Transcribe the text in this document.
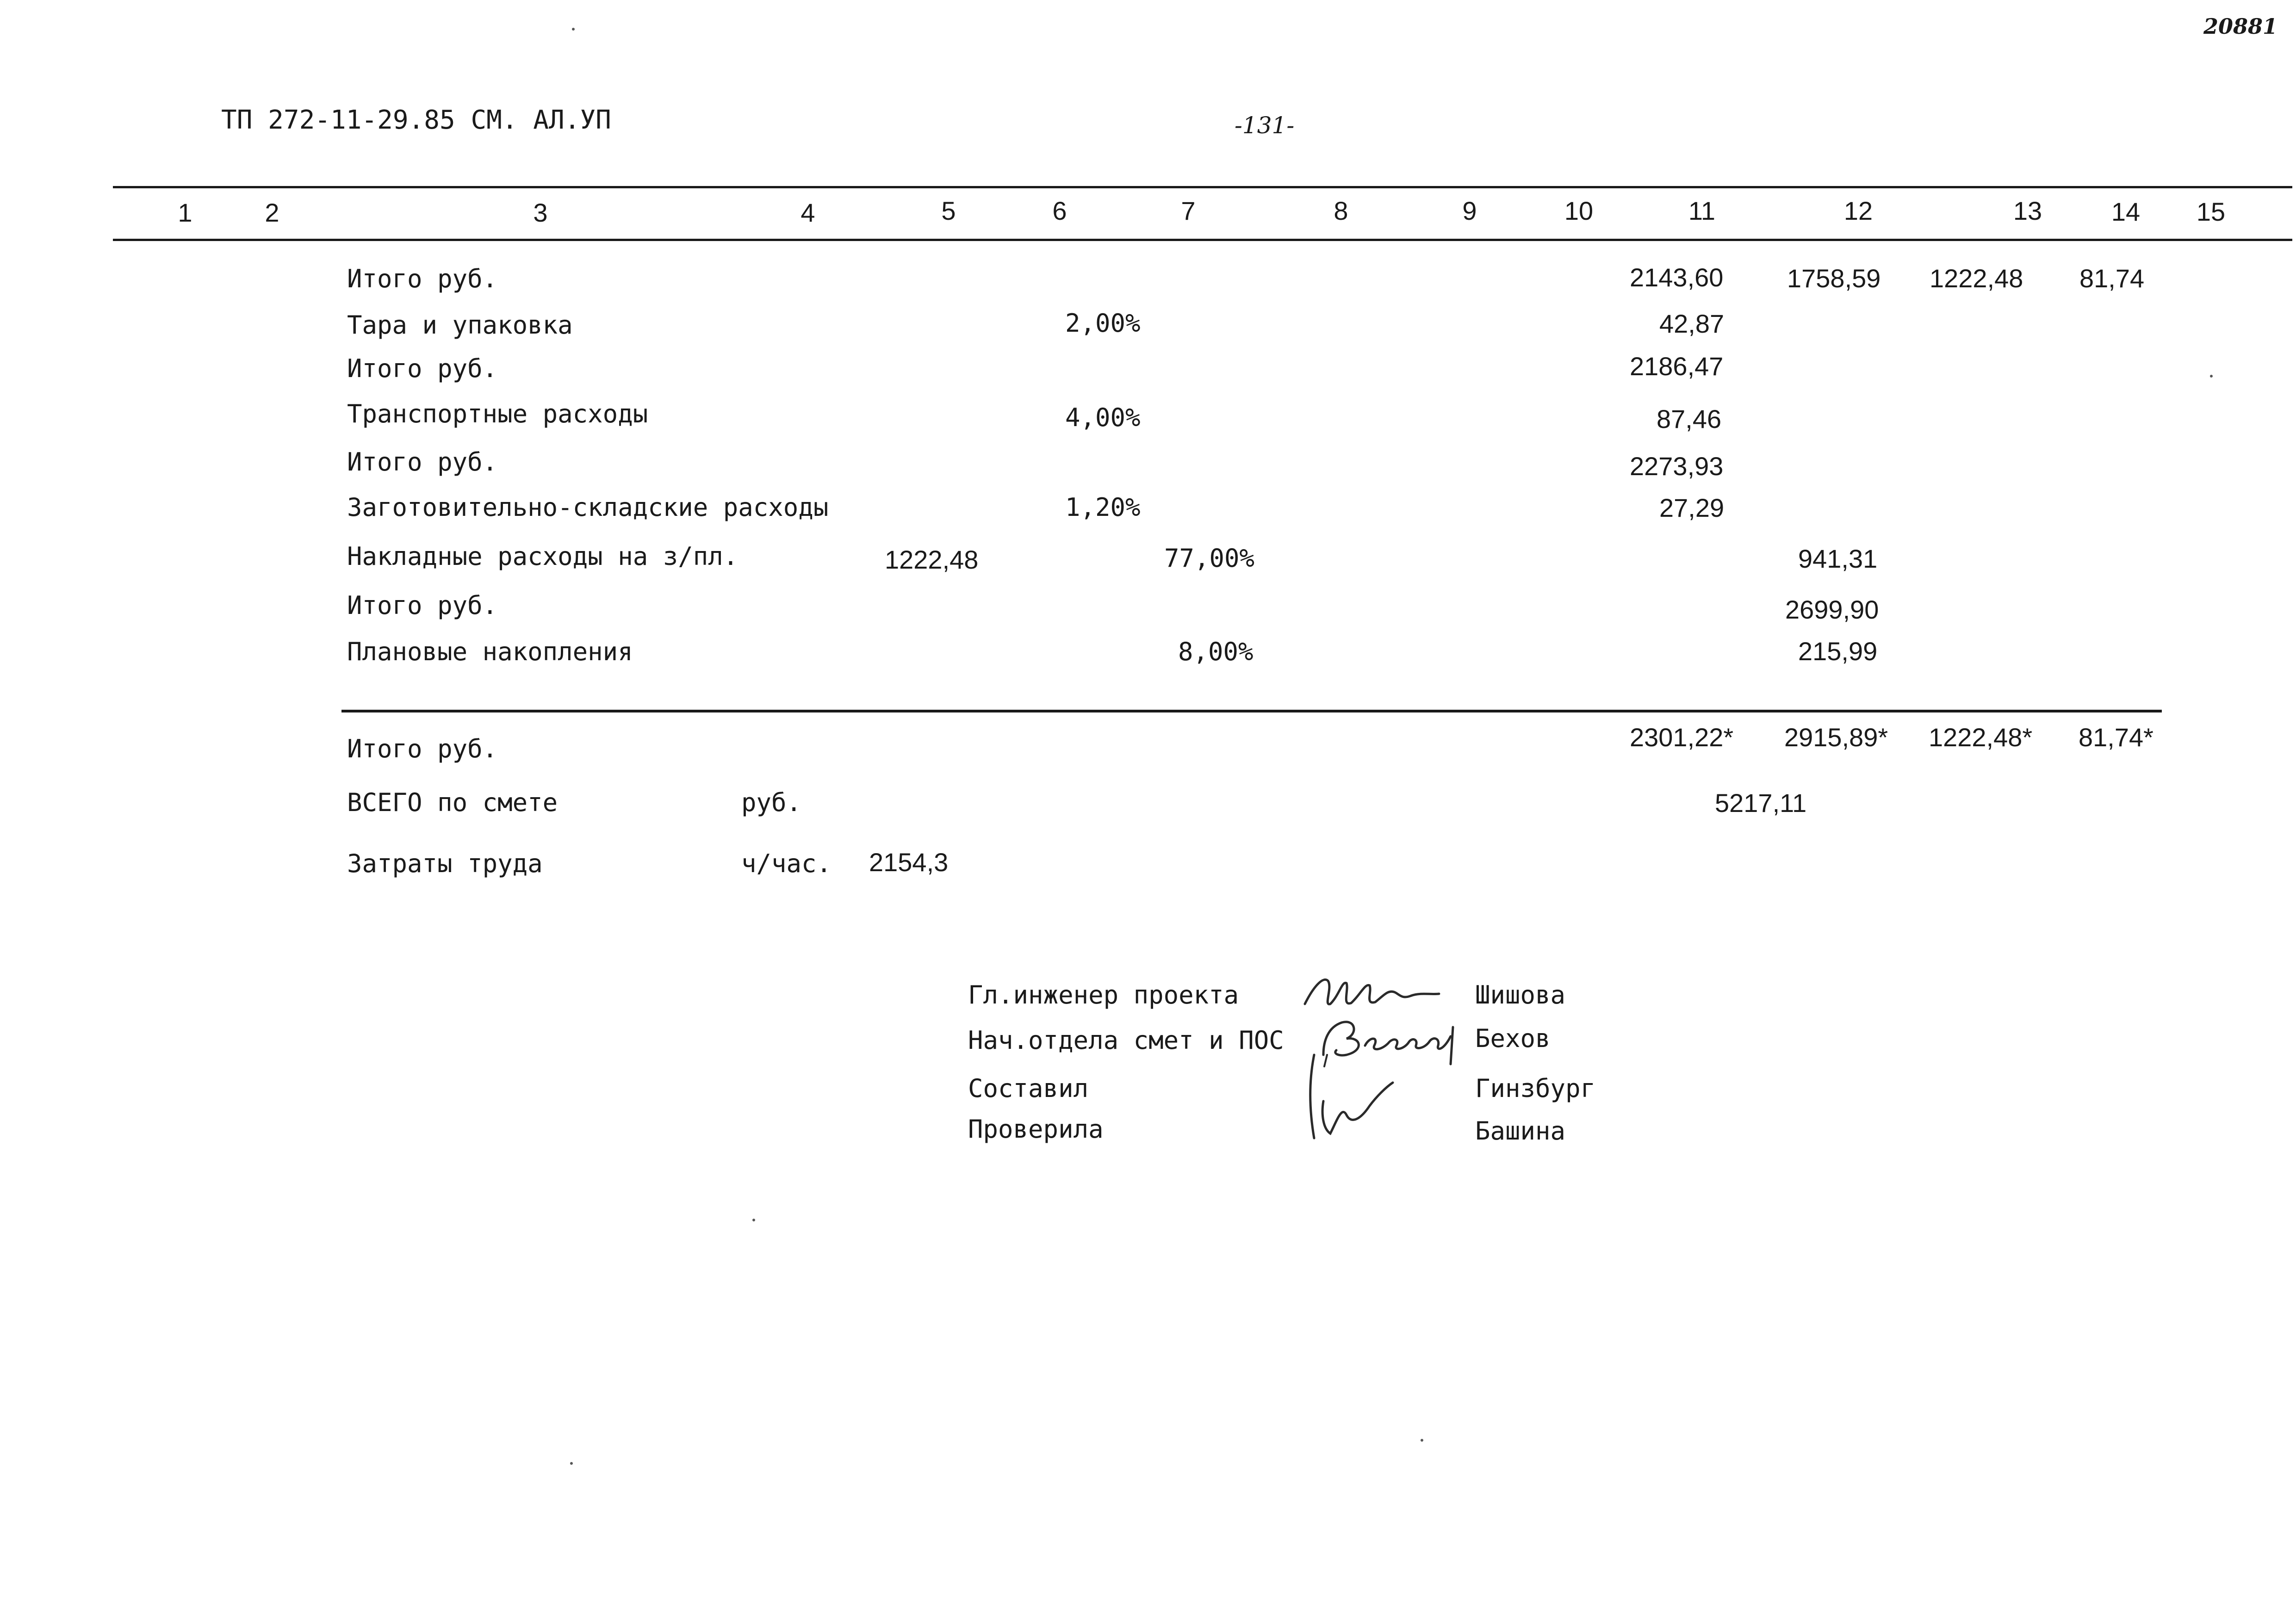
ТП 272-11-29.85 СМ. АЛ.УП	-131-
20881
1	2	3	4	5	6	7	8	9	10	11	12	13	14	15
Итого руб.	2143,60 1758,59 1222,48 81,74
Тара и упаковка	2,00%	42,87
Итого руб.	2186,47
Транспортные расходы	4,00%	87,46
Итого руб.	2273,93
Заготовительно-складские расходы	1,20%	27,29
Накладные расходы на з/пл.	1222,48	77,00%	941,31
Итого руб.	2699,90
Плановые накопления	8,00%	215,99
Итого руб.	2301,22* 2915,89* 1222,48* 81,74*
ВСЕГО по смете	руб.	5217,11
Затраты труда	ч/час. 2154,3
Гл.инженер проекта	Шишова
Нач.отдела смет и ПОС	Бехов
Составил	Гинзбург
Проверила	Башина
